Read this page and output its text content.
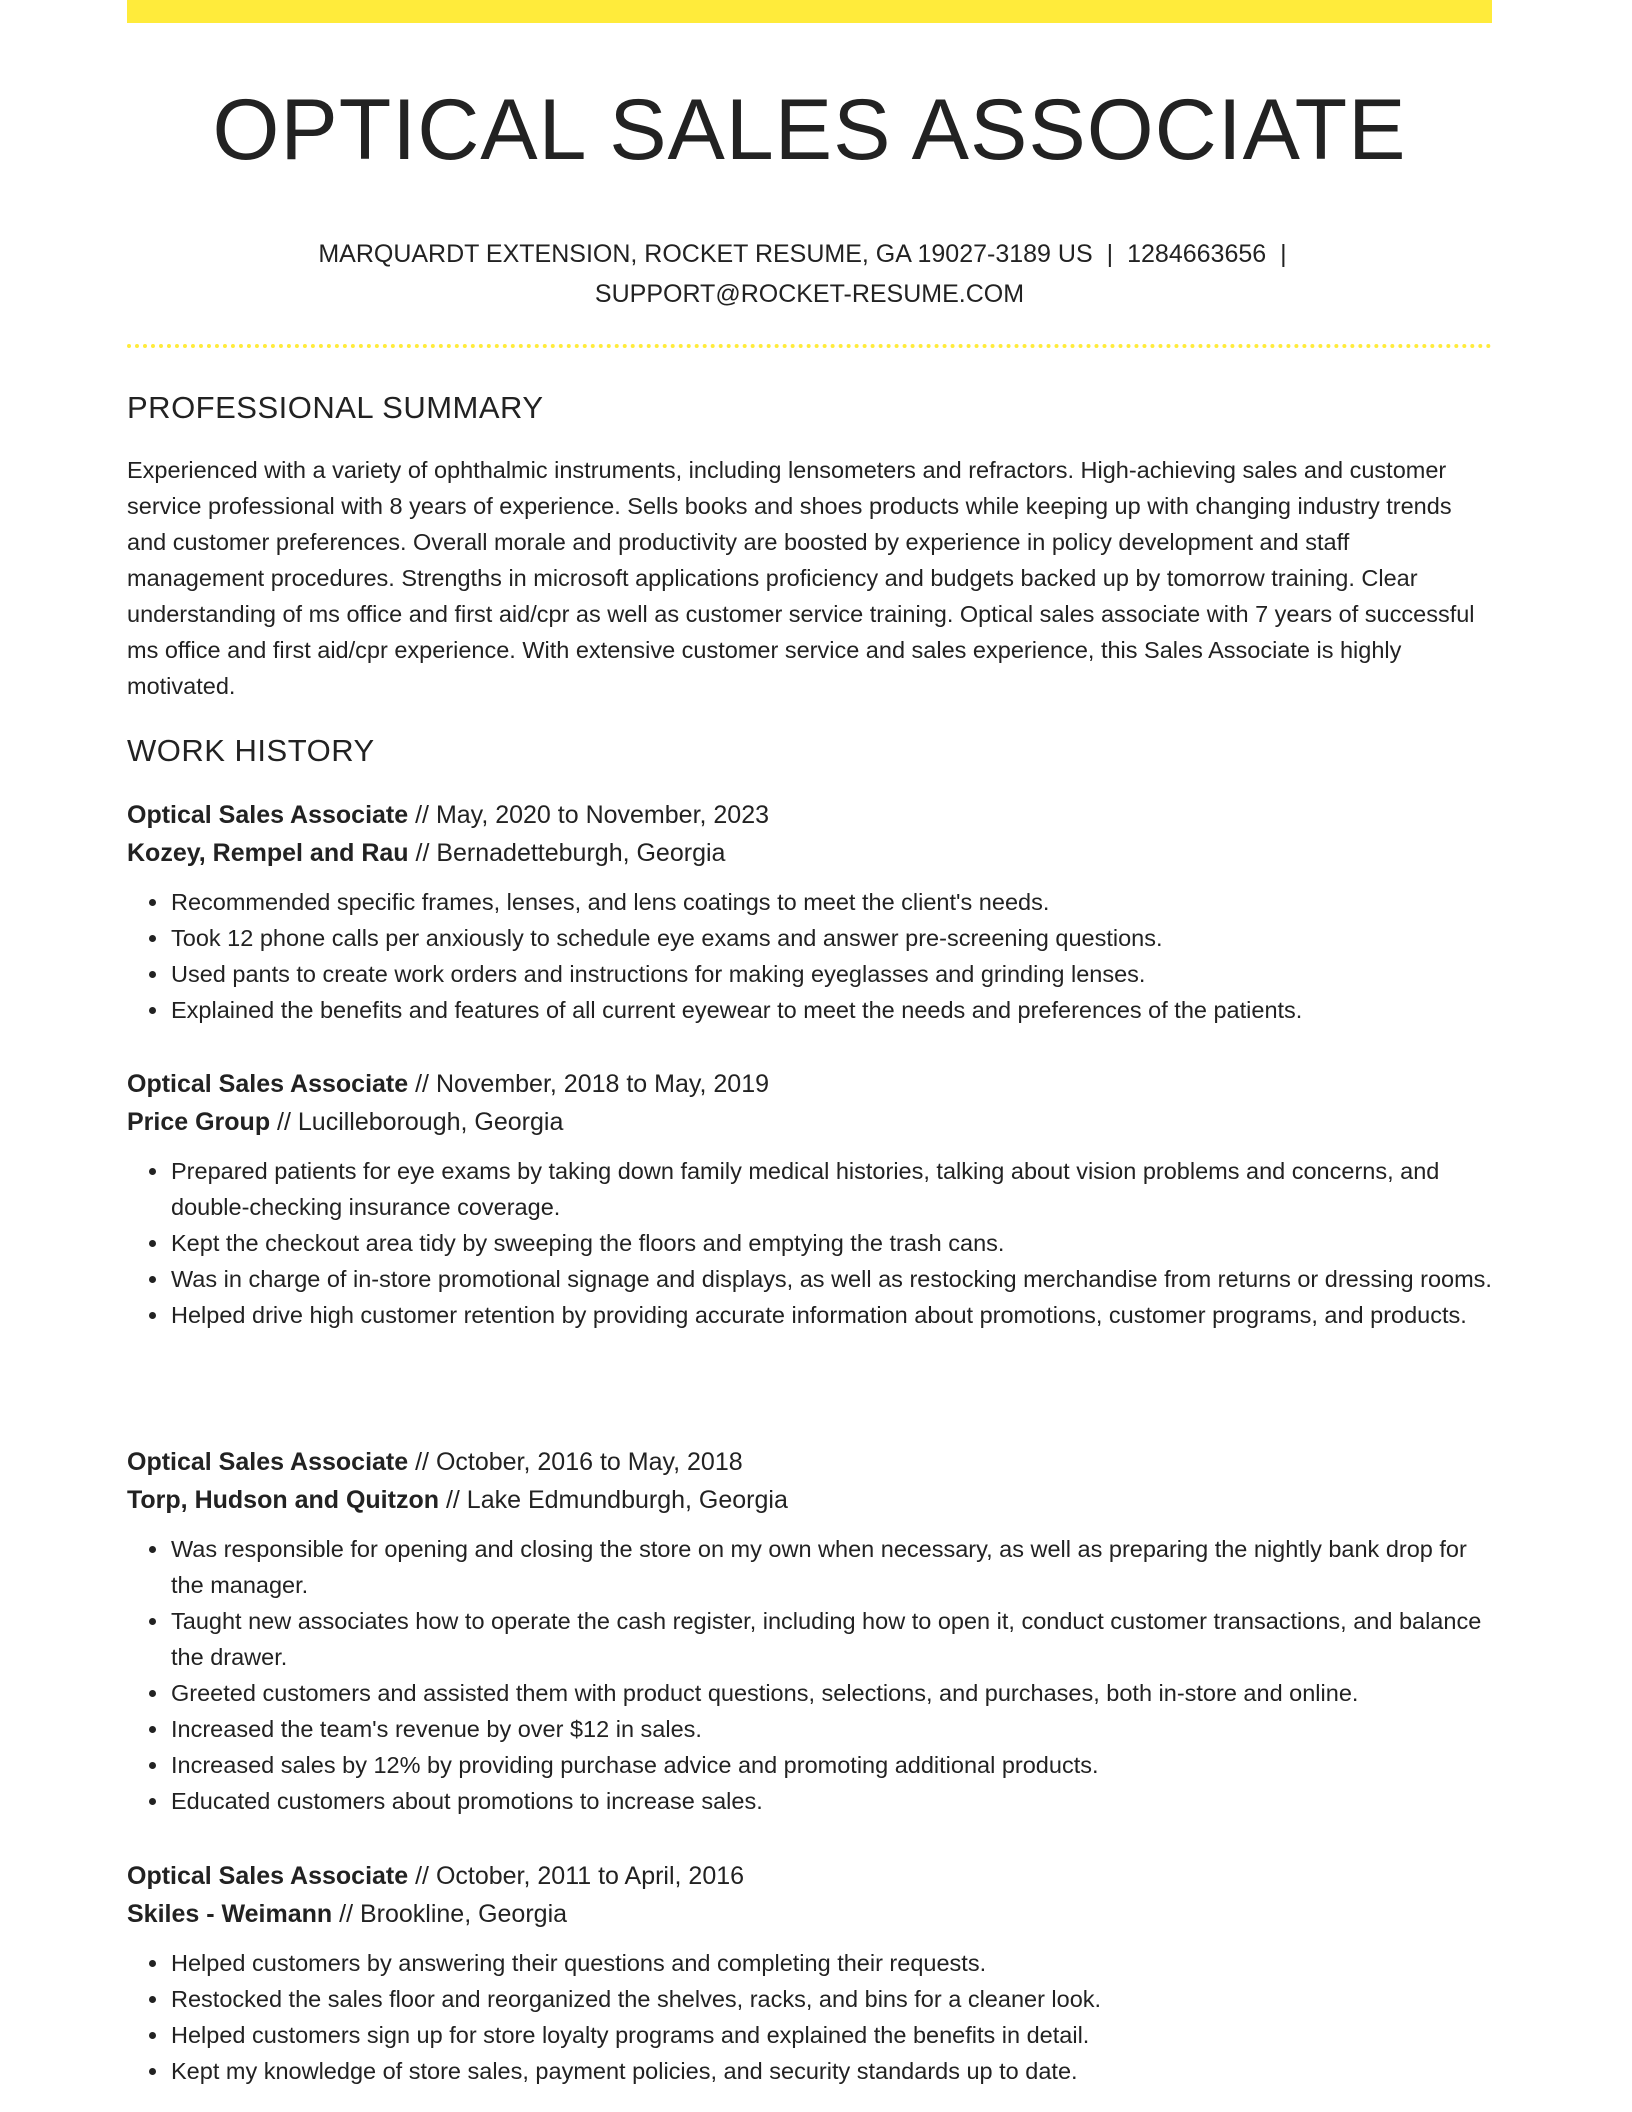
OPTICAL SALES ASSOCIATE
MARQUARDT EXTENSION, ROCKET RESUME, GA 19027-3189 US | 1284663656 |
SUPPORT@ROCKET-RESUME.COM
PROFESSIONAL SUMMARY

Experienced with a variety of ophthalmic instruments, including lensometers and refractors. High-achieving sales and customer service professional with 8 years of experience. Sells books and shoes products while keeping up with changing industry trends and customer preferences. Overall morale and productivity are boosted by experience in policy development and staff management procedures. Strengths in microsoft applications proficiency and budgets backed up by tomorrow training. Clear understanding of ms office and first aid/cpr as well as customer service training. Optical sales associate with 7 years of successful ms office and first aid/cpr experience. With extensive customer service and sales experience, this Sales Associate is highly motivated.

WORK HISTORY
Optical Sales Associate // May, 2020 to November, 2023
Kozey, Rempel and Rau // Bernadetteburgh, Georgia
• Recommended specific frames, lenses, and lens coatings to meet the client's needs.
• Took 12 phone calls per anxiously to schedule eye exams and answer pre-screening questions.
• Used pants to create work orders and instructions for making eyeglasses and grinding lenses.
• Explained the benefits and features of all current eyewear to meet the needs and preferences of the patients.
Optical Sales Associate // November, 2018 to May, 2019
Price Group // Lucilleborough, Georgia
• Prepared patients for eye exams by taking down family medical histories, talking about vision problems and concerns, and double-checking insurance coverage.
• Kept the checkout area tidy by sweeping the floors and emptying the trash cans.
• Was in charge of in-store promotional signage and displays, as well as restocking merchandise from returns or dressing rooms.
• Helped drive high customer retention by providing accurate information about promotions, customer programs, and products.
Optical Sales Associate // October, 2016 to May, 2018
Torp, Hudson and Quitzon // Lake Edmundburgh, Georgia
• Was responsible for opening and closing the store on my own when necessary, as well as preparing the nightly bank drop for the manager.
• Taught new associates how to operate the cash register, including how to open it, conduct customer transactions, and balance the drawer.
• Greeted customers and assisted them with product questions, selections, and purchases, both in-store and online.
• Increased the team's revenue by over $12 in sales.
• Increased sales by 12% by providing purchase advice and promoting additional products.
• Educated customers about promotions to increase sales.
Optical Sales Associate // October, 2011 to April, 2016
Skiles - Weimann // Brookline, Georgia
• Helped customers by answering their questions and completing their requests.
• Restocked the sales floor and reorganized the shelves, racks, and bins for a cleaner look.
• Helped customers sign up for store loyalty programs and explained the benefits in detail.
• Kept my knowledge of store sales, payment policies, and security standards up to date.
